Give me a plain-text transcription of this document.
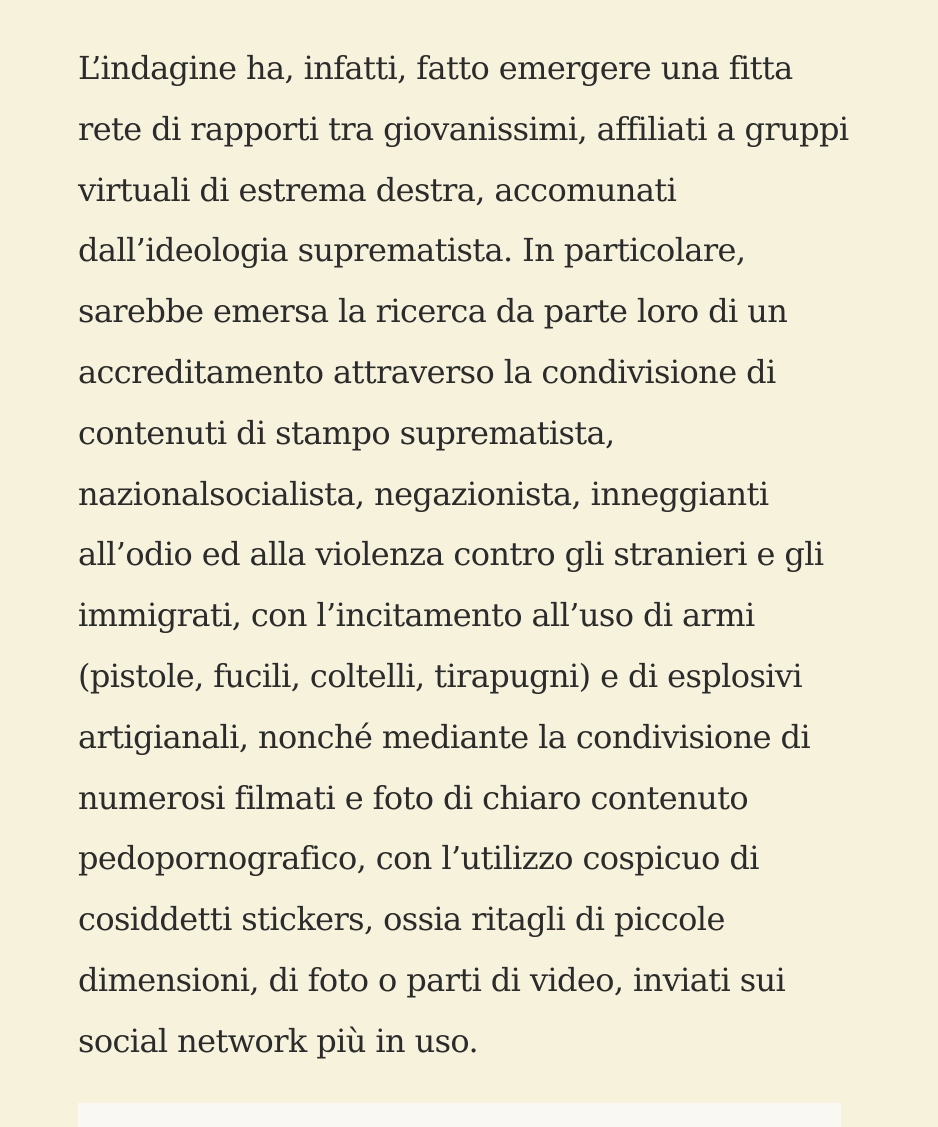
L’indagine ha, infatti, fatto emergere una fitta
rete di rapporti tra giovanissimi, affiliati a gruppi
virtuali di estrema destra, accomunati
dall’ideologia suprematista. In particolare,
sarebbe emersa la ricerca da parte loro di un
accreditamento attraverso la condivisione di
contenuti di stampo suprematista,
nazionalsocialista, negazionista, inneggianti
all’odio ed alla violenza contro gli stranieri e gli
immigrati, con l’incitamento all’uso di armi
(pistole, fucili, coltelli, tirapugni) e di esplosivi
artigianali, nonché mediante la condivisione di
numerosi filmati e foto di chiaro contenuto
pedopornografico, con l’utilizzo cospicuo di
cosiddetti stickers, ossia ritagli di piccole
dimensioni, di foto o parti di video, inviati sui
social network più in uso.
